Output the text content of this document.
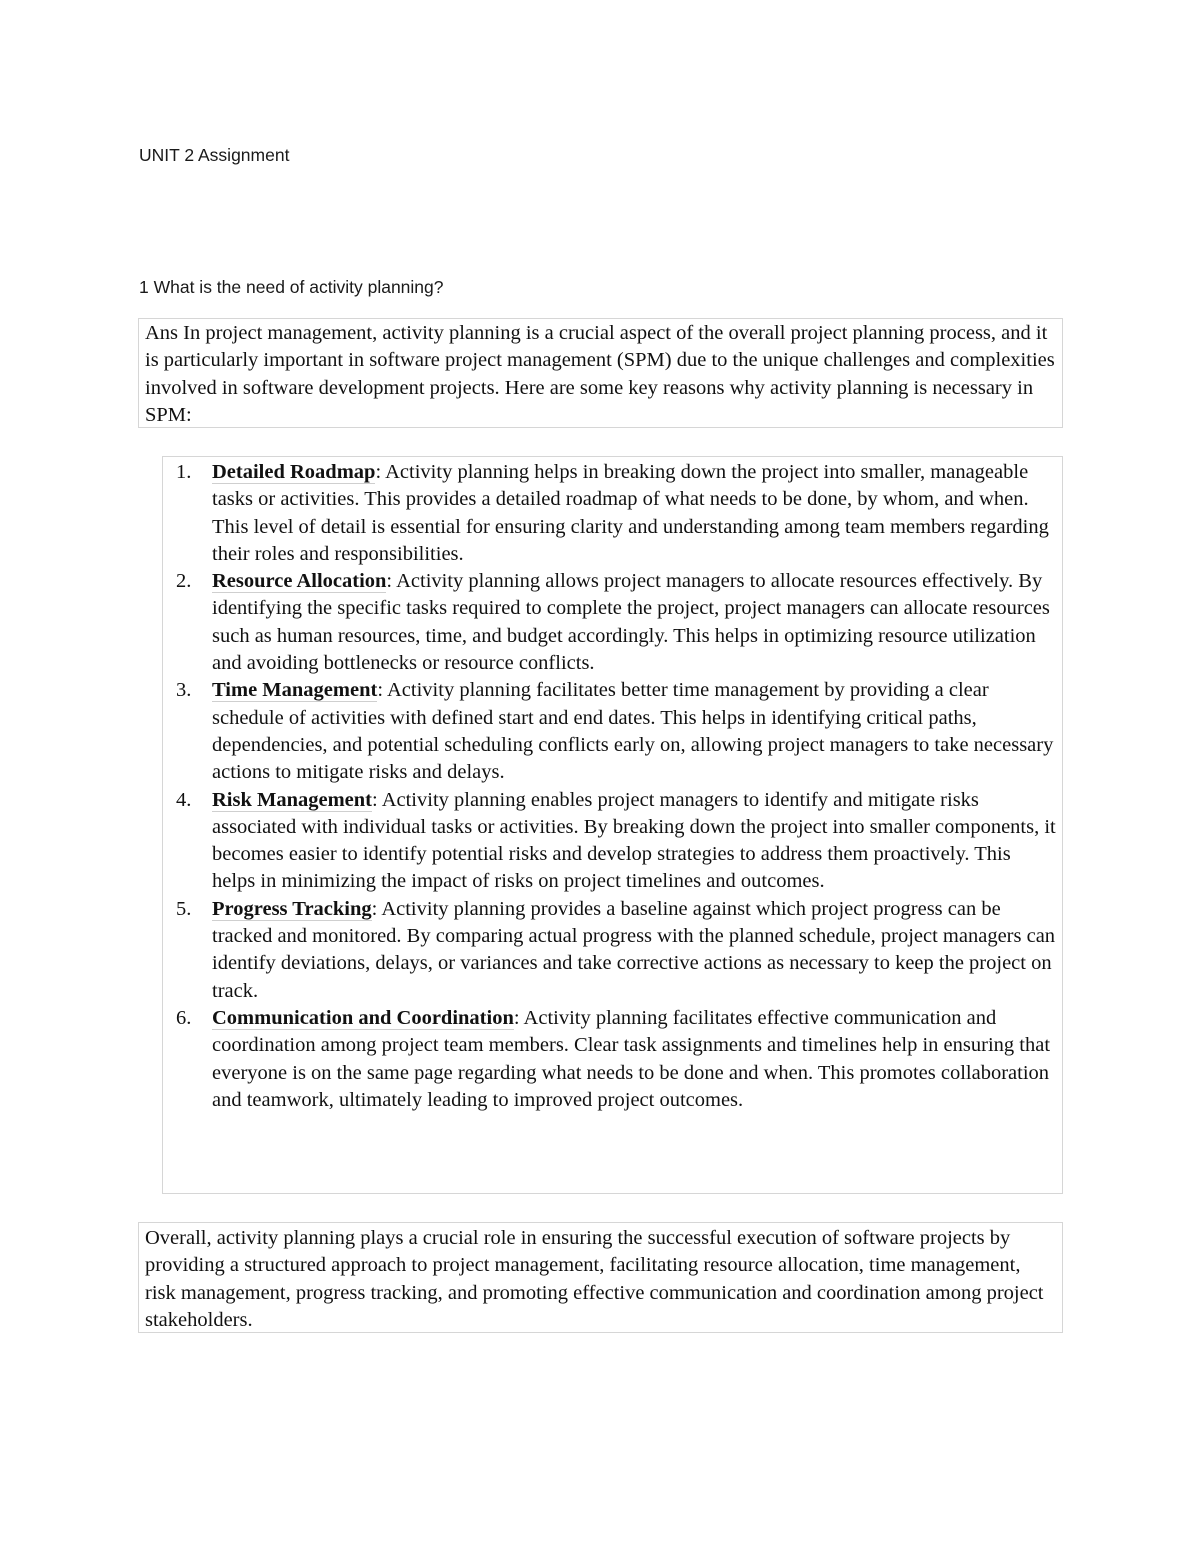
UNIT 2 Assignment
1 What is the need of activity planning?

Ans In project management, activity planning is a crucial aspect of the overall project planning process, and it is particularly important in software project management (SPM) due to the unique challenges and complexities involved in software development projects. Here are some key reasons why activity planning is necessary in SPM:

1. Detailed Roadmap: Activity planning helps in breaking down the project into smaller, manageable tasks or activities. This provides a detailed roadmap of what needs to be done, by whom, and when. This level of detail is essential for ensuring clarity and understanding among team members regarding their roles and responsibilities.
2. Resource Allocation: Activity planning allows project managers to allocate resources effectively. By identifying the specific tasks required to complete the project, project managers can allocate resources such as human resources, time, and budget accordingly. This helps in optimizing resource utilization and avoiding bottlenecks or resource conflicts.
3. Time Management: Activity planning facilitates better time management by providing a clear schedule of activities with defined start and end dates. This helps in identifying critical paths, dependencies, and potential scheduling conflicts early on, allowing project managers to take necessary actions to mitigate risks and delays.
4. Risk Management: Activity planning enables project managers to identify and mitigate risks associated with individual tasks or activities. By breaking down the project into smaller components, it becomes easier to identify potential risks and develop strategies to address them proactively. This helps in minimizing the impact of risks on project timelines and outcomes.
5. Progress Tracking: Activity planning provides a baseline against which project progress can be tracked and monitored. By comparing actual progress with the planned schedule, project managers can identify deviations, delays, or variances and take corrective actions as necessary to keep the project on track.
6. Communication and Coordination: Activity planning facilitates effective communication and coordination among project team members. Clear task assignments and timelines help in ensuring that everyone is on the same page regarding what needs to be done and when. This promotes collaboration and teamwork, ultimately leading to improved project outcomes.

Overall, activity planning plays a crucial role in ensuring the successful execution of software projects by providing a structured approach to project management, facilitating resource allocation, time management, risk management, progress tracking, and promoting effective communication and coordination among project stakeholders.
